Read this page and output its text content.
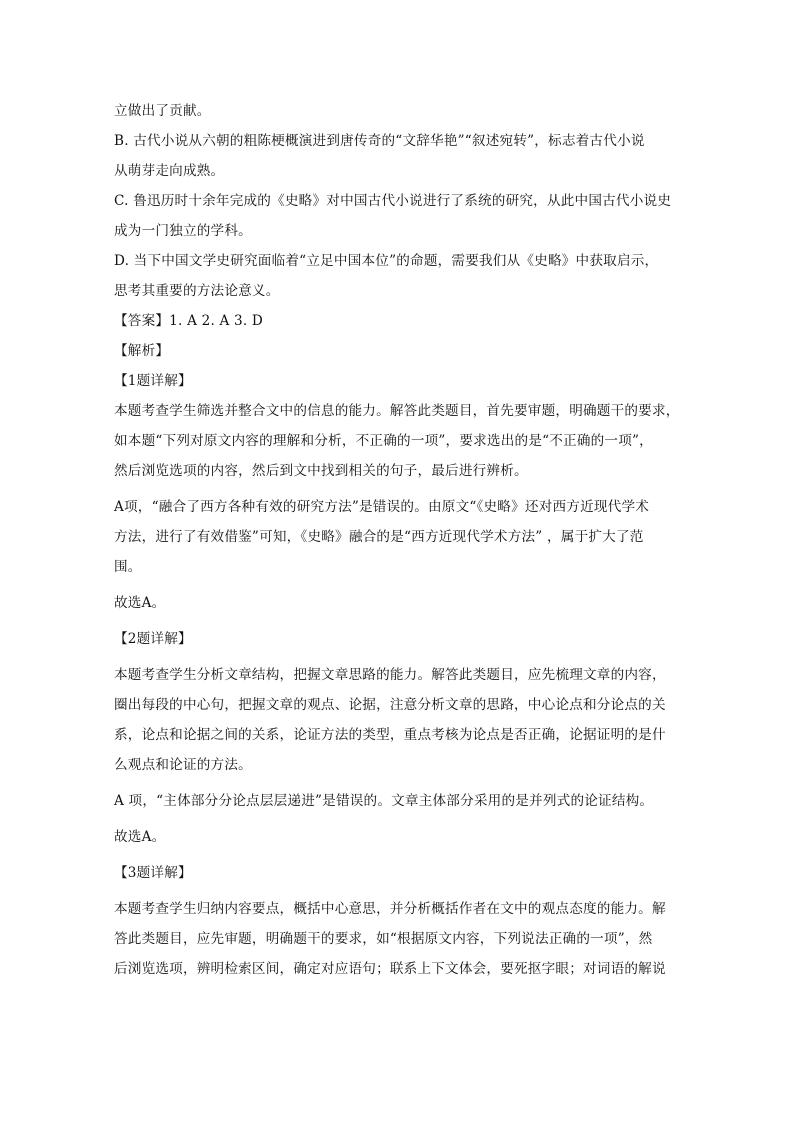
立做出了贡献。
B. 古代小说从六朝的粗陈梗概演进到唐传奇的“文辞华艳”“叙述宛转”，标志着古代小说
从萌芽走向成熟。
C. 鲁迅历时十余年完成的《史略》对中国古代小说进行了系统的研究，从此中国古代小说史
成为一门独立的学科。
D. 当下中国文学史研究面临着“立足中国本位”的命题，需要我们从《史略》中获取启示，
思考其重要的方法论意义。
【答案】1. A 2. A 3. D
【解析】
【1题详解】
本题考查学生筛选并整合文中的信息的能力。解答此类题目，首先要审题，明确题干的要求，
如本题“下列对原文内容的理解和分析，不正确的一项”，要求选出的是“不正确的一项”，
然后浏览选项的内容，然后到文中找到相关的句子，最后进行辨析。
A项，“融合了西方各种有效的研究方法”是错误的。由原文“《史略》还对西方近现代学术
方法，进行了有效借鉴”可知，《史略》融合的是“西方近现代学术方法” ，属于扩大了范
围。
故选A。
【2题详解】
本题考查学生分析文章结构，把握文章思路的能力。解答此类题目，应先梳理文章的内容，
圈出每段的中心句，把握文章的观点、论据，注意分析文章的思路，中心论点和分论点的关
系，论点和论据之间的关系，论证方法的类型，重点考核为论点是否正确，论据证明的是什
么观点和论证的方法。
A 项，“主体部分分论点层层递进”是错误的。文章主体部分采用的是并列式的论证结构。
故选A。
【3题详解】
本题考查学生归纳内容要点，概括中心意思，并分析概括作者在文中的观点态度的能力。解
答此类题目，应先审题，明确题干的要求，如“根据原文内容，下列说法正确的一项”，然
后浏览选项，辨明检索区间，确定对应语句；联系上下文体会，要死抠字眼；对词语的解说
